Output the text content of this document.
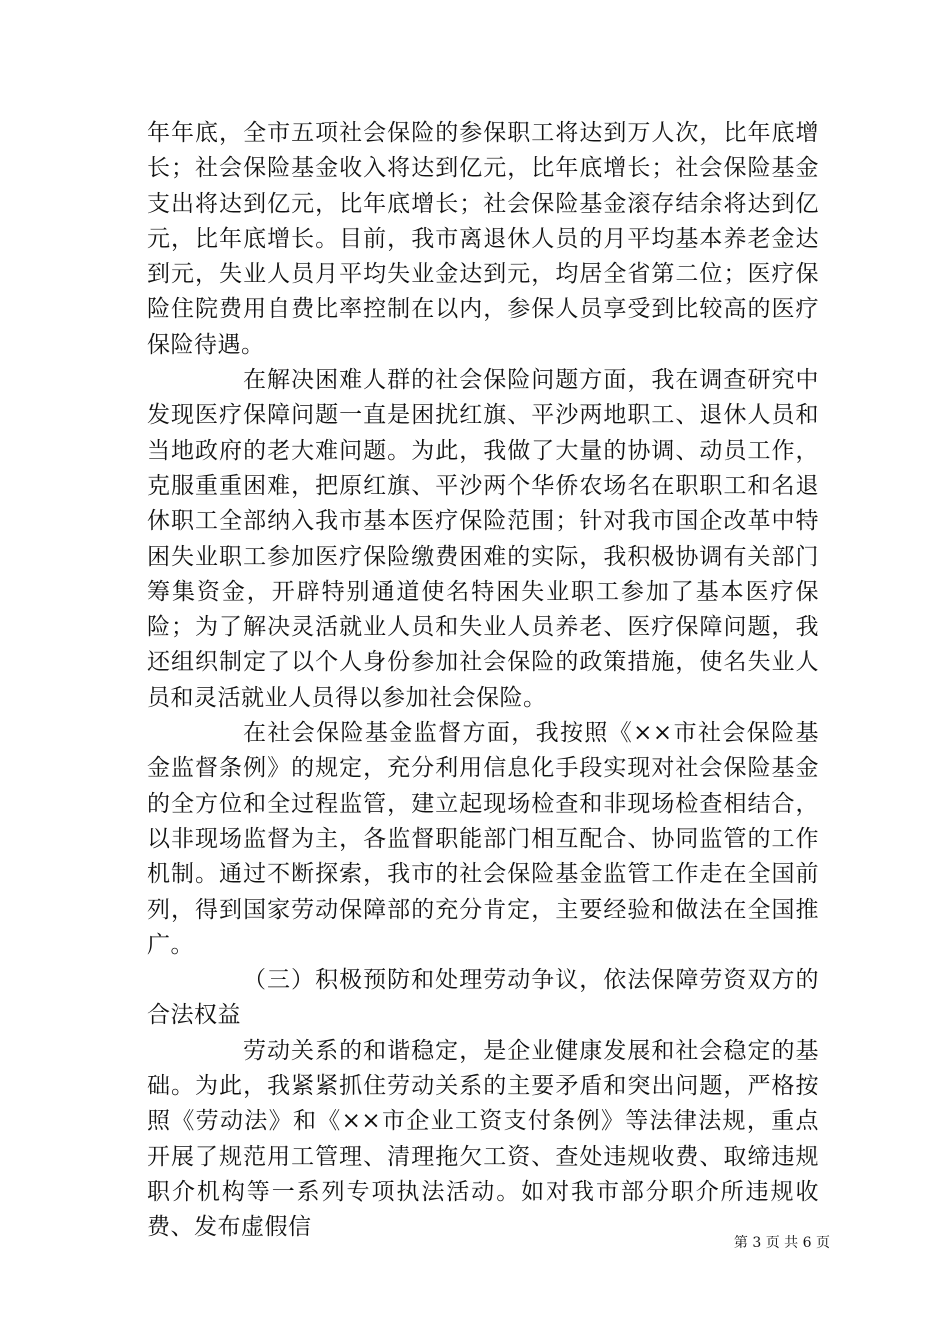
年年底，全市五项社会保险的参保职工将达到万人次，比年底增长；社会保险基金收入将达到亿元，比年底增长；社会保险基金支出将达到亿元，比年底增长；社会保险基金滚存结余将达到亿元，比年底增长。目前，我市离退休人员的月平均基本养老金达到元，失业人员月平均失业金达到元，均居全省第二位；医疗保险住院费用自费比率控制在以内，参保人员享受到比较高的医疗保险待遇。

在解决困难人群的社会保险问题方面，我在调查研究中发现医疗保障问题一直是困扰红旗、平沙两地职工、退休人员和当地政府的老大难问题。为此，我做了大量的协调、动员工作，克服重重困难，把原红旗、平沙两个华侨农场名在职职工和名退休职工全部纳入我市基本医疗保险范围；针对我市国企改革中特困失业职工参加医疗保险缴费困难的实际，我积极协调有关部门筹集资金，开辟特别通道使名特困失业职工参加了基本医疗保险；为了解决灵活就业人员和失业人员养老、医疗保障问题，我还组织制定了以个人身份参加社会保险的政策措施，使名失业人员和灵活就业人员得以参加社会保险。

在社会保险基金监督方面，我按照《××市社会保险基金监督条例》的规定，充分利用信息化手段实现对社会保险基金的全方位和全过程监管，建立起现场检查和非现场检查相结合，以非现场监督为主，各监督职能部门相互配合、协同监管的工作机制。通过不断探索，我市的社会保险基金监管工作走在全国前列，得到国家劳动保障部的充分肯定，主要经验和做法在全国推广。

（三）积极预防和处理劳动争议，依法保障劳资双方的合法权益

劳动关系的和谐稳定，是企业健康发展和社会稳定的基础。为此，我紧紧抓住劳动关系的主要矛盾和突出问题，严格按照《劳动法》和《××市企业工资支付条例》等法律法规，重点开展了规范用工管理、清理拖欠工资、查处违规收费、取缔违规职介机构等一系列专项执法活动。如对我市部分职介所违规收费、发布虚假信

第 3 页 共 6 页
